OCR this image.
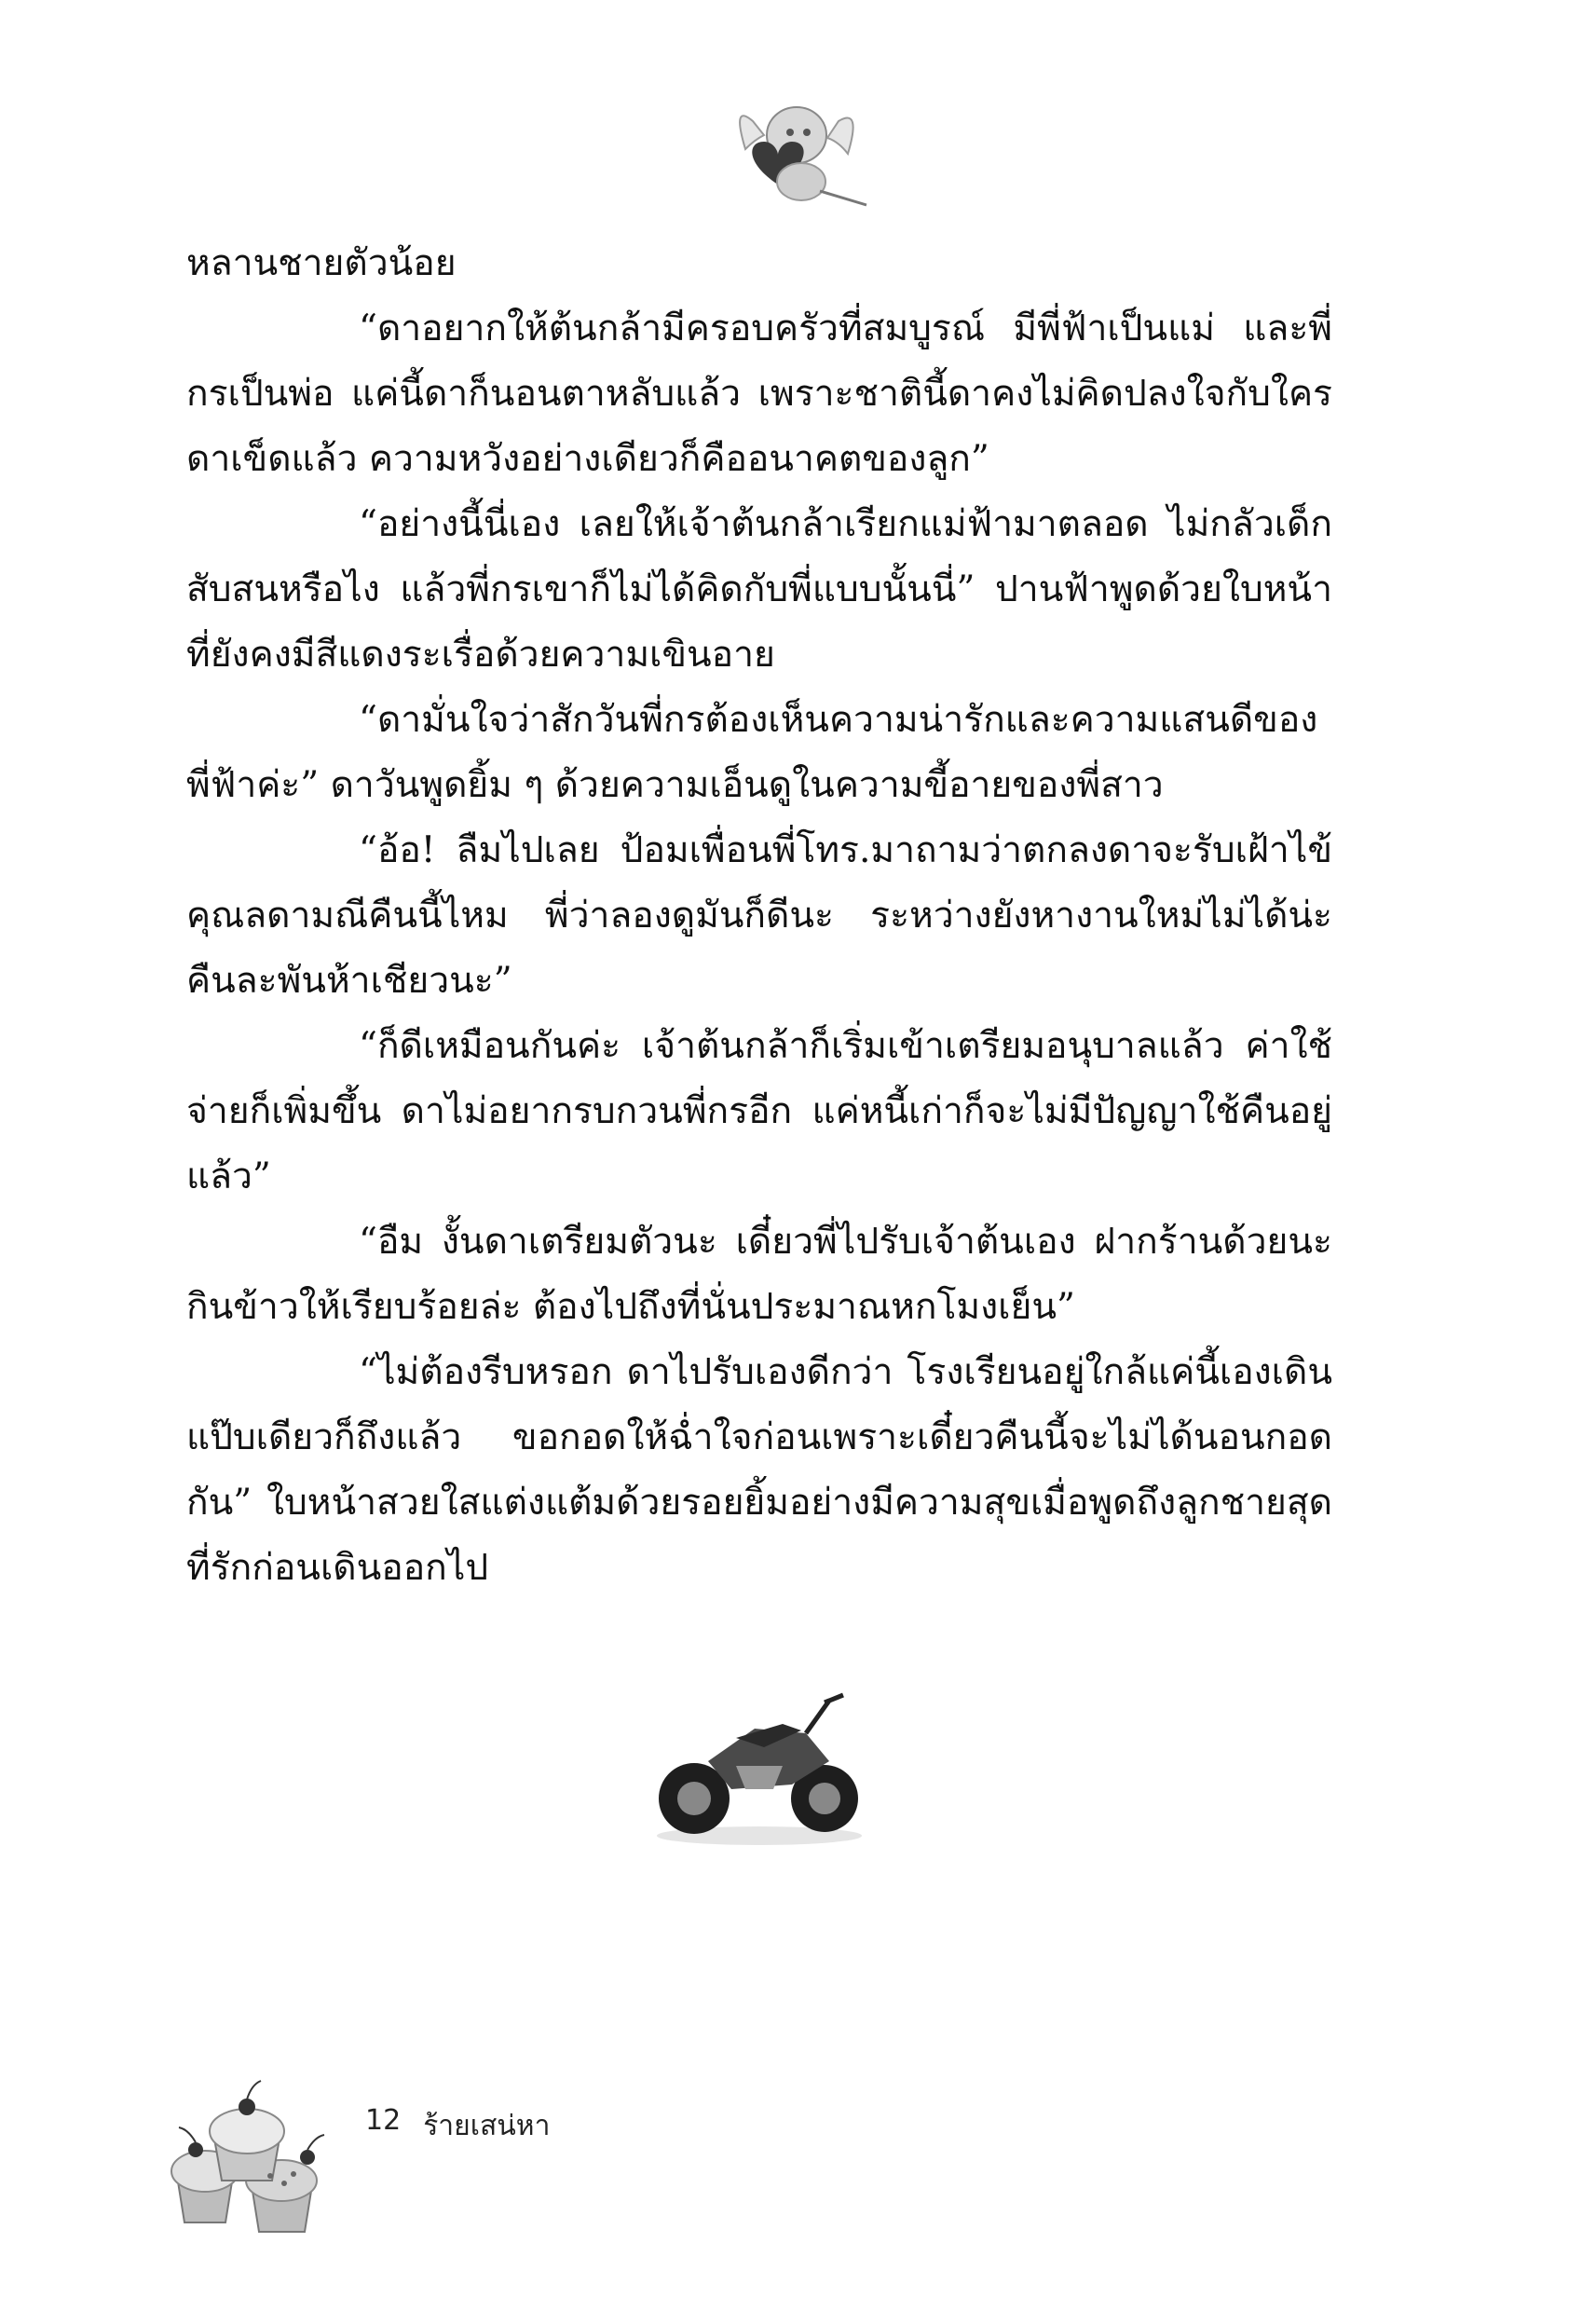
หลานชายตัวน้อย

“ดาอยากให้ต้นกล้ามีครอบครัวที่สมบูรณ์ มีพี่ฟ้าเป็นแม่ และพี่กรเป็นพ่อ แค่นี้ดาก็นอนตาหลับแล้ว เพราะชาตินี้ดาคงไม่คิดปลงใจกับใคร ดาเข็ดแล้ว ความหวังอย่างเดียวก็คืออนาคตของลูก”

“อย่างนี้นี่เอง เลยให้เจ้าต้นกล้าเรียกแม่ฟ้ามาตลอด ไม่กลัวเด็กสับสนหรือไง แล้วพี่กรเขาก็ไม่ได้คิดกับพี่แบบนั้นนี่” ปานฟ้าพูดด้วยใบหน้าที่ยังคงมีสีแดงระเรื่อด้วยความเขินอาย

“ดามั่นใจว่าสักวันพี่กรต้องเห็นความน่ารักและความแสนดีของพี่ฟ้าค่ะ” ดาวันพูดยิ้ม ๆ ด้วยความเอ็นดูในความขี้อายของพี่สาว

“อ้อ! ลืมไปเลย ป้อมเพื่อนพี่โทร.มาถามว่าตกลงดาจะรับเฝ้าไข้คุณลดามณีคืนนี้ไหม พี่ว่าลองดูมันก็ดีนะ ระหว่างยังหางานใหม่ไม่ได้น่ะ คืนละพันห้าเชียวนะ”

“ก็ดีเหมือนกันค่ะ เจ้าต้นกล้าก็เริ่มเข้าเตรียมอนุบาลแล้ว ค่าใช้จ่ายก็เพิ่มขึ้น ดาไม่อยากรบกวนพี่กรอีก แค่หนี้เก่าก็จะไม่มีปัญญาใช้คืนอยู่แล้ว”

“อืม งั้นดาเตรียมตัวนะ เดี๋ยวพี่ไปรับเจ้าต้นเอง ฝากร้านด้วยนะ กินข้าวให้เรียบร้อยล่ะ ต้องไปถึงที่นั่นประมาณหกโมงเย็น”

“ไม่ต้องรีบหรอก ดาไปรับเองดีกว่า โรงเรียนอยู่ใกล้แค่นี้เองเดินแป๊บเดียวก็ถึงแล้ว ขอกอดให้ฉ่ำใจก่อนเพราะเดี๋ยวคืนนี้จะไม่ได้นอนกอดกัน” ใบหน้าสวยใสแต่งแต้มด้วยรอยยิ้มอย่างมีความสุขเมื่อพูดถึงลูกชายสุดที่รักก่อนเดินออกไป

12 ร้ายเสน่หา
